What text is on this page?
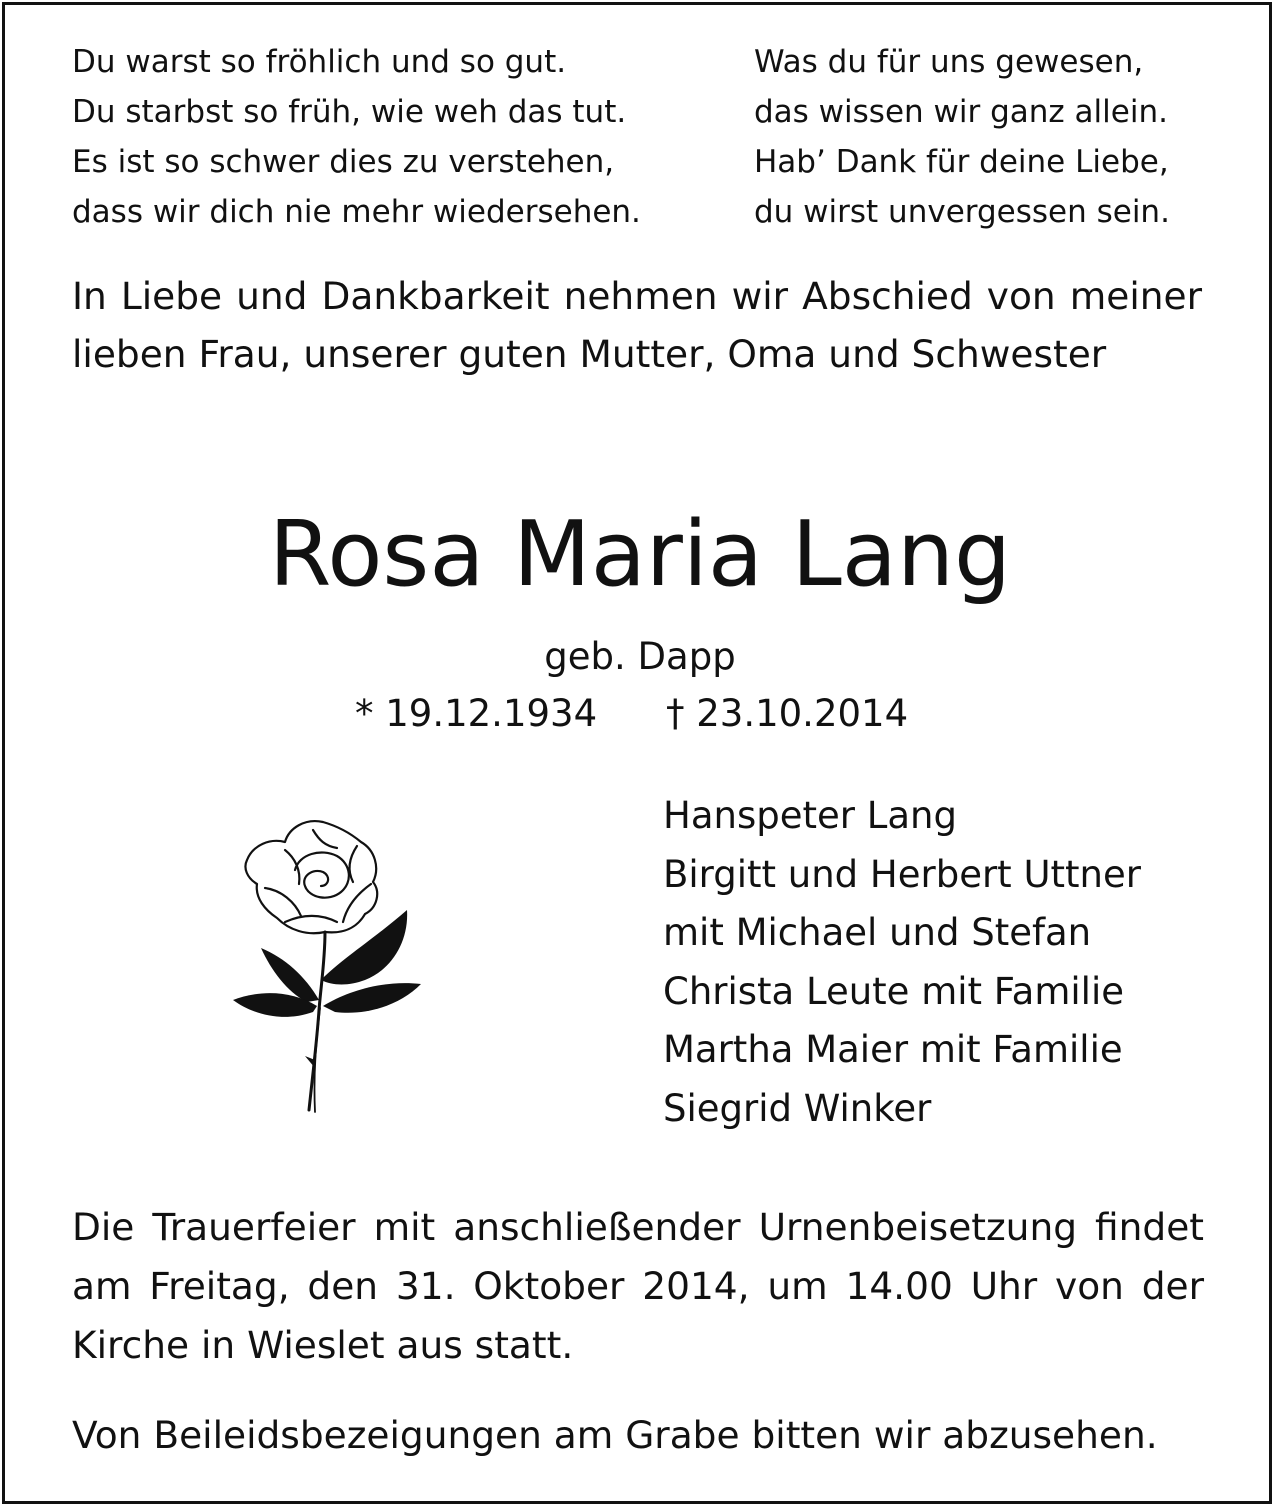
Du warst so fröhlich und so gut.
Du starbst so früh, wie weh das tut.
Es ist so schwer dies zu verstehen,
dass wir dich nie mehr wiedersehen.
Was du für uns gewesen,
das wissen wir ganz allein.
Hab’ Dank für deine Liebe,
du wirst unvergessen sein.
In Liebe und Dankbarkeit nehmen wir Abschied von meiner lieben Frau, unserer guten Mutter, Oma und Schwester
Rosa Maria Lang
geb. Dapp
* 19.12.1934 † 23.10.2014
Hanspeter Lang
Birgitt und Herbert Uttner
mit Michael und Stefan
Christa Leute mit Familie
Martha Maier mit Familie
Siegrid Winker
Die Trauerfeier mit anschließender Urnenbeisetzung findet am Freitag, den 31. Oktober 2014, um 14.00 Uhr von der Kirche in Wieslet aus statt.
Von Beileidsbezeigungen am Grabe bitten wir abzusehen.
